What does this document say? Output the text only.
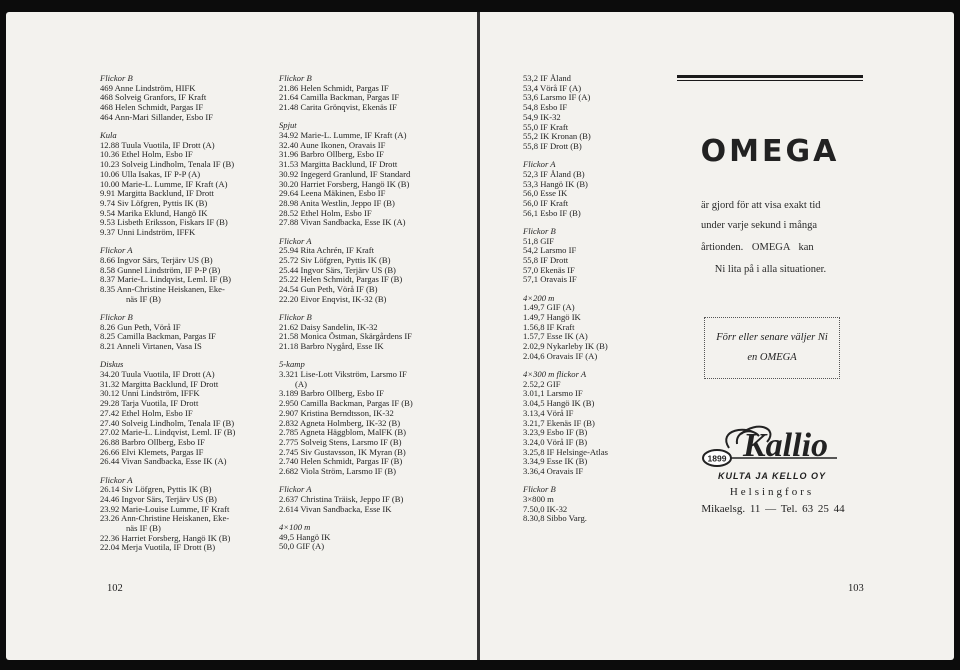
Flickor B
469 Anne Lindström, HIFK
468 Solveig Granfors, IF Kraft
468 Helen Schmidt, Pargas IF
464 Ann-Mari Sillander, Esbo IF
Kula
12.88 Tuula Vuotila, IF Drott (A)
10.36 Ethel Holm, Esbo IF
10.23 Solveig Lindholm, Tenala IF (B)
10.06 Ulla Isakas, IF P-P (A)
10.00 Marie-L. Lumme, IF Kraft (A)
9.91 Margitta Backlund, IF Drott
9.74 Siv Löfgren, Pyttis IK (B)
9.54 Marika Eklund, Hangö IK
9.53 Lisbeth Eriksson, Fiskars IF (B)
9.37 Unni Lindström, IFFK
Flickor A
8.66 Ingvor Särs, Terjärv US (B)
8.58 Gunnel Lindström, IF P-P (B)
8.37 Marie-L. Lindqvist, Leml. IF (B)
8.35 Ann-Christine Heiskanen, Eke-
näs IF (B)
Flickor B
8.26 Gun Peth, Vörå IF
8.25 Camilla Backman, Pargas IF
8.21 Anneli Virtanen, Vasa IS
Diskus
34.20 Tuula Vuotila, IF Drott (A)
31.32 Margitta Backlund, IF Drott
30.12 Unni Lindström, IFFK
29.28 Tarja Vuotila, IF Drott
27.42 Ethel Holm, Esbo IF
27.40 Solveig Lindholm, Tenala IF (B)
27.02 Marie-L. Lindqvist, Leml. IF (B)
26.88 Barbro Ollberg, Esbo IF
26.66 Elvi Klemets, Pargas IF
26.44 Vivan Sandbacka, Esse IK (A)
Flickor A
26.14 Siv Löfgren, Pyttis IK (B)
24.46 Ingvor Särs, Terjärv US (B)
23.92 Marie-Louise Lumme, IF Kraft
23.26 Ann-Christine Heiskanen, Eke-
näs IF (B)
22.36 Harriet Forsberg, Hangö IK (B)
22.04 Merja Vuotila, IF Drott (B)
Flickor B
21.86 Helen Schmidt, Pargas IF
21.64 Camilla Backman, Pargas IF
21.48 Carita Grönqvist, Ekenäs IF
Spjut
34.92 Marie-L. Lumme, IF Kraft (A)
32.40 Aune Ikonen, Oravais IF
31.96 Barbro Ollberg, Esbo IF
31.53 Margitta Backlund, IF Drott
30.92 Ingegerd Granlund, IF Standard
30.20 Harriet Forsberg, Hangö IK (B)
29.64 Leena Mäkinen, Esbo IF
28.98 Anita Westlin, Jeppo IF (B)
28.52 Ethel Holm, Esbo IF
27.88 Vivan Sandbacka, Esse IK (A)
Flickor A
25.94 Rita Achrén, IF Kraft
25.72 Siv Löfgren, Pyttis IK (B)
25.44 Ingvor Särs, Terjärv US (B)
25.22 Helen Schmidt, Pargas IF (B)
24.54 Gun Peth, Vörå IF (B)
22.20 Eivor Enqvist, IK-32 (B)
Flickor B
21.62 Daisy Sandelin, IK-32
21.58 Monica Östman, Skärgårdens IF
21.18 Barbro Nygård, Esse IK
5-kamp
3.321 Lise-Lott Vikström, Larsmo IF
(A)
3.189 Barbro Ollberg, Esbo IF
2.950 Camilla Backman, Pargas IF (B)
2.907 Kristina Berndtsson, IK-32
2.832 Agneta Holmberg, IK-32 (B)
2.785 Agneta Häggblom, MalFK (B)
2.775 Solveig Stens, Larsmo IF (B)
2.745 Siv Gustavsson, IK Myran (B)
2.740 Helen Schmidt, Pargas IF (B)
2.682 Viola Ström, Larsmo IF (B)
Flickor A
2.637 Christina Träisk, Jeppo IF (B)
2.614 Vivan Sandbacka, Esse IK
4×100 m
49,5 Hangö IK
50,0 GIF (A)
53,2 IF Åland
53,4 Vörå IF (A)
53,6 Larsmo IF (A)
54,8 Esbo IF
54,9 IK-32
55,0 IF Kraft
55,2 IK Kronan (B)
55,8 IF Drott (B)
Flickor A
52,3 IF Åland (B)
53,3 Hangö IK (B)
56,0 Esse IK
56,0 IF Kraft
56,1 Esbo IF (B)
Flickor B
51,8 GIF
54,2 Larsmo IF
55,8 IF Drott
57,0 Ekenäs IF
57,1 Oravais IF
4×200 m
1.49,7 GIF (A)
1.49,7 Hangö IK
1.56,8 IF Kraft
1.57,7 Esse IK (A)
2.02,9 Nykarleby IK (B)
2.04,6 Oravais IF (A)
4×300 m flickor A
2.52,2 GIF
3.01,1 Larsmo IF
3.04,5 Hangö IK (B)
3.13,4 Vörå IF
3.21,7 Ekenäs IF (B)
3.23,9 Esbo IF (B)
3.24,0 Vörå IF (B)
3.25,8 IF Helsinge-Atlas
3.34,9 Esse IK (B)
3.36,4 Oravais IF
Flickor B
3×800 m
7.50,0 IK-32
8.30,8 Sibbo Varg.
102	103
OMEGA
är gjord för att visa exakt tid
under varje sekund i många
årtionden. OMEGA kan
Ni lita på i alla situationer.
Förr eller senare väljer Ni
en OMEGA
1899 Kallio
KULTA JA KELLO OY
Helsingfors
Mikaelsg. 11 — Tel. 63 25 44
